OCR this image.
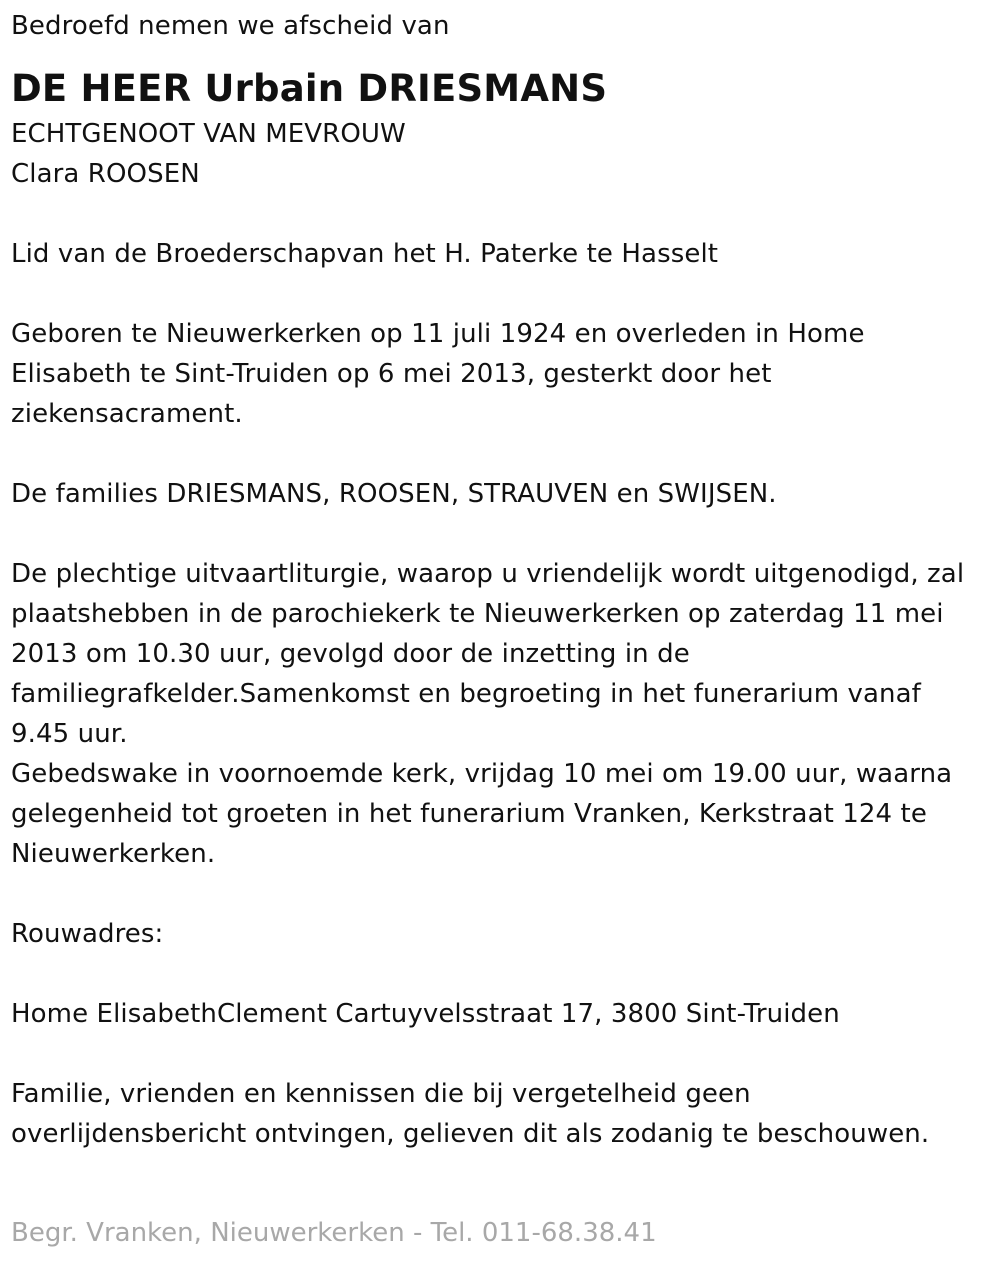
Bedroefd nemen we afscheid van
DE HEER Urbain DRIESMANS
ECHTGENOOT VAN MEVROUW
Clara ROOSEN
Lid van de Broederschapvan het H. Paterke te Hasselt
Geboren te Nieuwerkerken op 11 juli 1924 en overleden in Home
Elisabeth te Sint-Truiden op 6 mei 2013, gesterkt door het
ziekensacrament.
De families DRIESMANS, ROOSEN, STRAUVEN en SWIJSEN.
De plechtige uitvaartliturgie, waarop u vriendelijk wordt uitgenodigd, zal
plaatshebben in de parochiekerk te Nieuwerkerken op zaterdag 11 mei
2013 om 10.30 uur, gevolgd door de inzetting in de
familiegrafkelder.Samenkomst en begroeting in het funerarium vanaf
9.45 uur.
Gebedswake in voornoemde kerk, vrijdag 10 mei om 19.00 uur, waarna
gelegenheid tot groeten in het funerarium Vranken, Kerkstraat 124 te
Nieuwerkerken.
Rouwadres:
Home ElisabethClement Cartuyvelsstraat 17, 3800 Sint-Truiden
Familie, vrienden en kennissen die bij vergetelheid geen
overlijdensbericht ontvingen, gelieven dit als zodanig te beschouwen.
Begr. Vranken, Nieuwerkerken - Tel. 011-68.38.41
